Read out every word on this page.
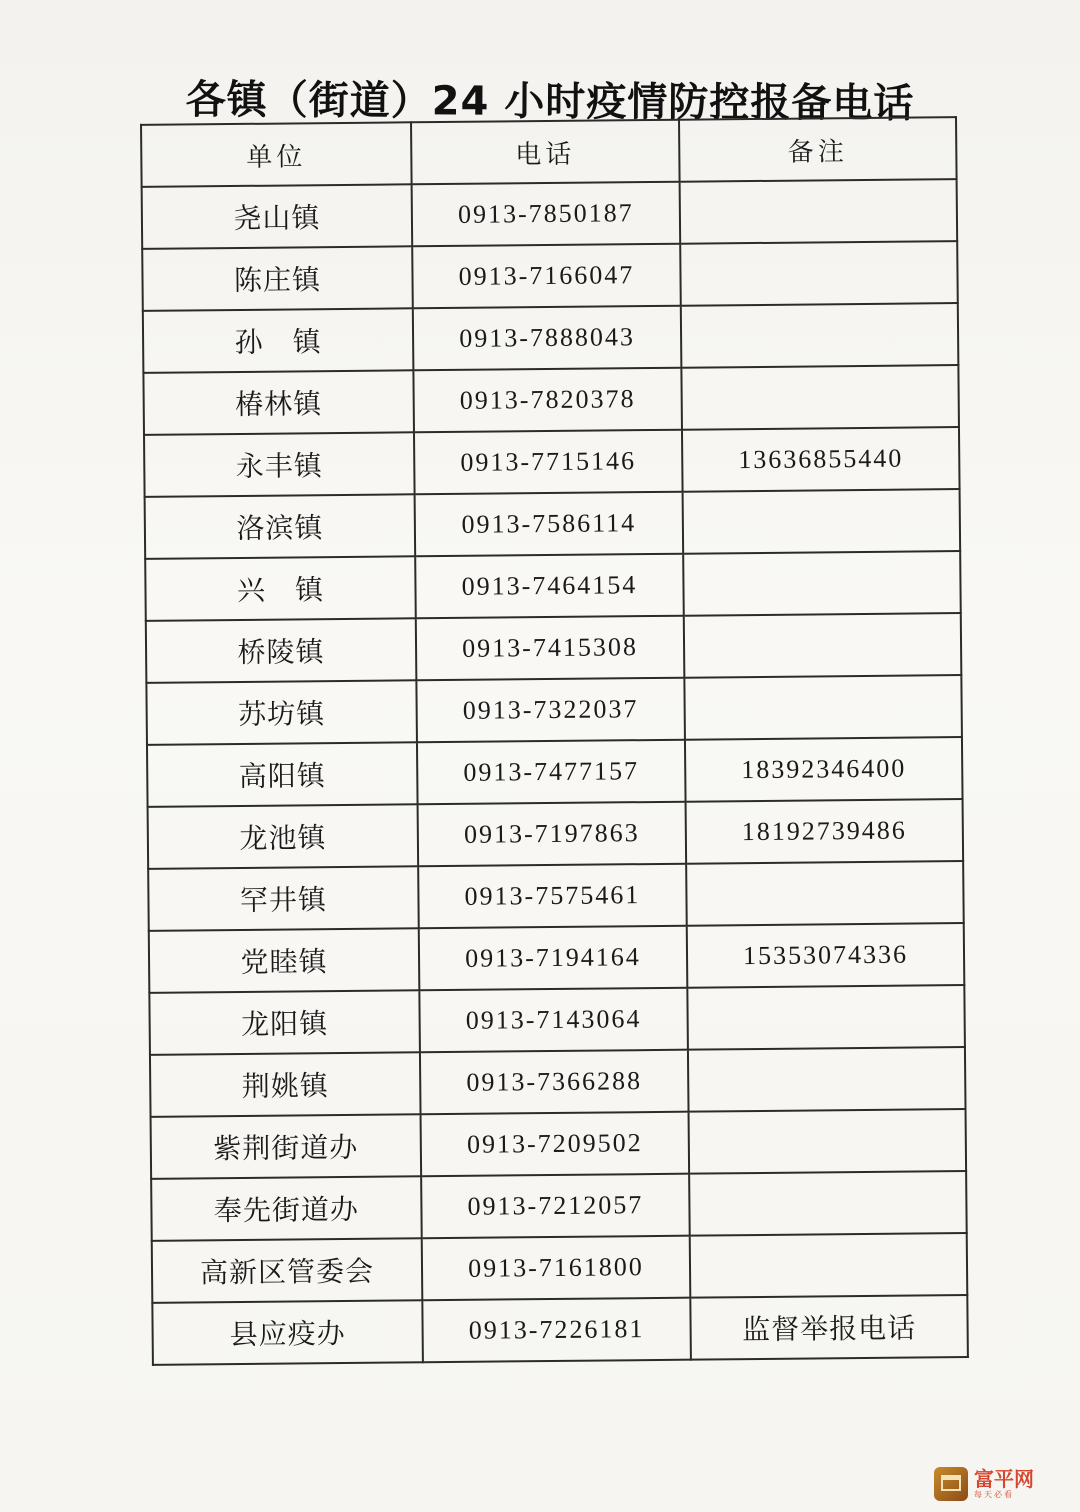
各镇（街道）24 小时疫情防控报备电话
单位	电话	备注
尧山镇	0913-7850187	
陈庄镇	0913-7166047	
孙　镇	0913-7888043	
椿林镇	0913-7820378	
永丰镇	0913-7715146	13636855440
洛滨镇	0913-7586114	
兴　镇	0913-7464154	
桥陵镇	0913-7415308	
苏坊镇	0913-7322037	
高阳镇	0913-7477157	18392346400
龙池镇	0913-7197863	18192739486
罕井镇	0913-7575461	
党睦镇	0913-7194164	15353074336
龙阳镇	0913-7143064	
荆姚镇	0913-7366288	
紫荆街道办	0913-7209502	
奉先街道办	0913-7212057	
高新区管委会	0913-7161800	
县应疫办	0913-7226181	监督举报电话
富平网
每天必看
